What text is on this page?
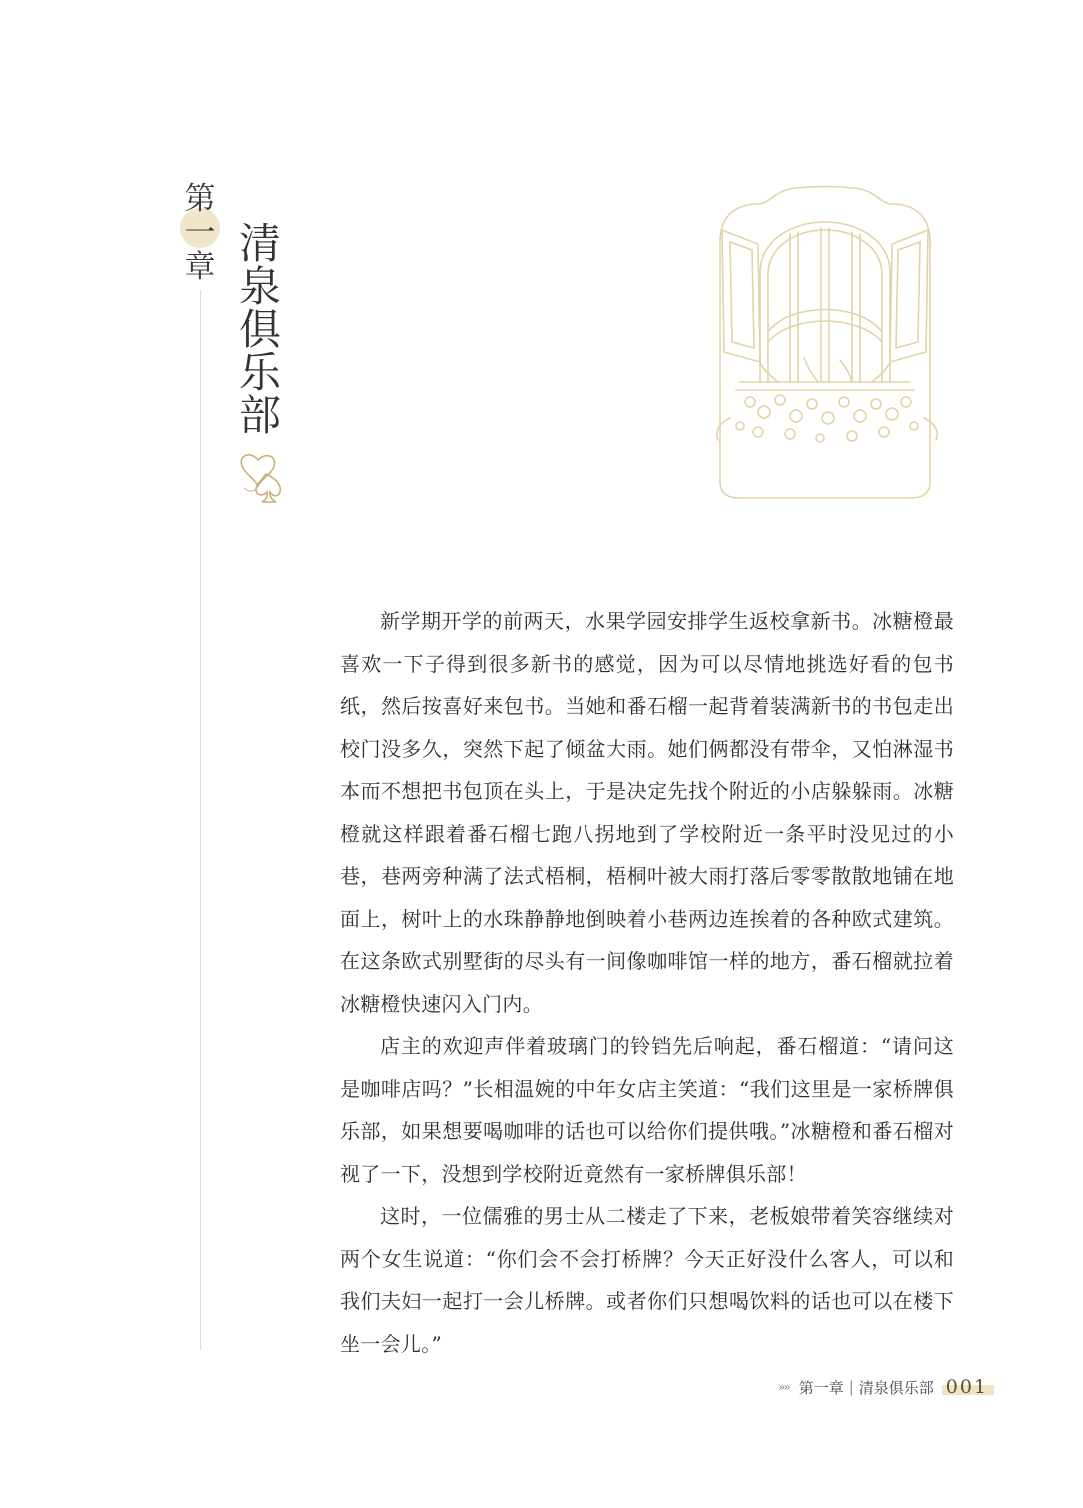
第
一
章 清
泉
俱
乐
部

新学期开学的前两天，水果学园安排学生返校拿新书。冰糖橙最喜欢一下子得到很多新书的感觉，因为可以尽情地挑选好看的包书纸，然后按喜好来包书。当她和番石榴一起背着装满新书的书包走出校门没多久，突然下起了倾盆大雨。她们俩都没有带伞，又怕淋湿书本而不想把书包顶在头上，于是决定先找个附近的小店躲躲雨。冰糖橙就这样跟着番石榴七跑八拐地到了学校附近一条平时没见过的小巷，巷两旁种满了法式梧桐，梧桐叶被大雨打落后零零散散地铺在地面上，树叶上的水珠静静地倒映着小巷两边连挨着的各种欧式建筑。在这条欧式别墅街的尽头有一间像咖啡馆一样的地方，番石榴就拉着冰糖橙快速闪入门内。

店主的欢迎声伴着玻璃门的铃铛先后响起，番石榴道：“请问这是咖啡店吗？”长相温婉的中年女店主笑道：“我们这里是一家桥牌俱乐部，如果想要喝咖啡的话也可以给你们提供哦。”冰糖橙和番石榴对视了一下，没想到学校附近竟然有一家桥牌俱乐部！

这时，一位儒雅的男士从二楼走了下来，老板娘带着笑容继续对两个女生说道：“你们会不会打桥牌？今天正好没什么客人，可以和我们夫妇一起打一会儿桥牌。或者你们只想喝饮料的话也可以在楼下坐一会儿。”

»» 第一章 | 清泉俱乐部 001
